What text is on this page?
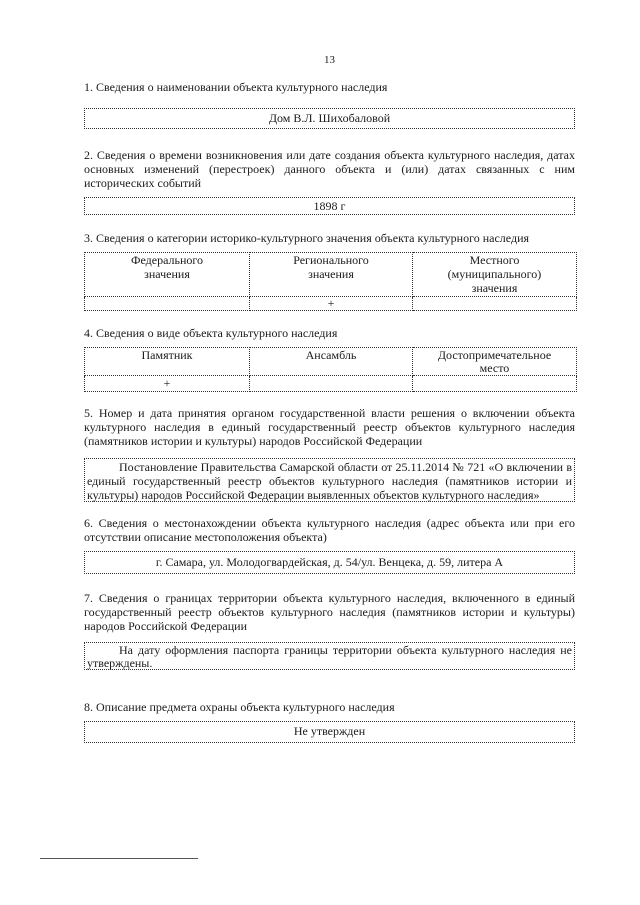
13
1. Сведения о наименовании объекта культурного наследия
Дом В.Л. Шихобаловой
2. Сведения о времени возникновения или дате создания объекта культурного наследия, датах основных изменений (перестроек) данного объекта и (или) датах связанных с ним исторических событий
1898 г
3. Сведения о категории историко-культурного значения объекта культурного наследия
Федерального
значения	Регионального
значения	Местного
(муниципального)
значения
	+	
4. Сведения о виде объекта культурного наследия
Памятник	Ансамбль	Достопримечательное
место
+		
5. Номер и дата принятия органом государственной власти решения о включении объекта культурного наследия в единый государственный реестр объектов культурного наследия (памятников истории и культуры) народов Российской Федерации
Постановление Правительства Самарской области от 25.11.2014 № 721 «О включении в единый государственный реестр объектов культурного наследия (памятников истории и культуры) народов Российской Федерации выявленных объектов культурного наследия»
6. Сведения о местонахождении объекта культурного наследия (адрес объекта или при его отсутствии описание местоположения объекта)
г. Самара, ул. Молодогвардейская, д. 54/ул. Венцека, д. 59, литера А
7. Сведения о границах территории объекта культурного наследия, включенного в единый государственный реестр объектов культурного наследия (памятников истории и культуры) народов Российской Федерации
На дату оформления паспорта границы территории объекта культурного наследия не утверждены.
8. Описание предмета охраны объекта культурного наследия
Не утвержден
